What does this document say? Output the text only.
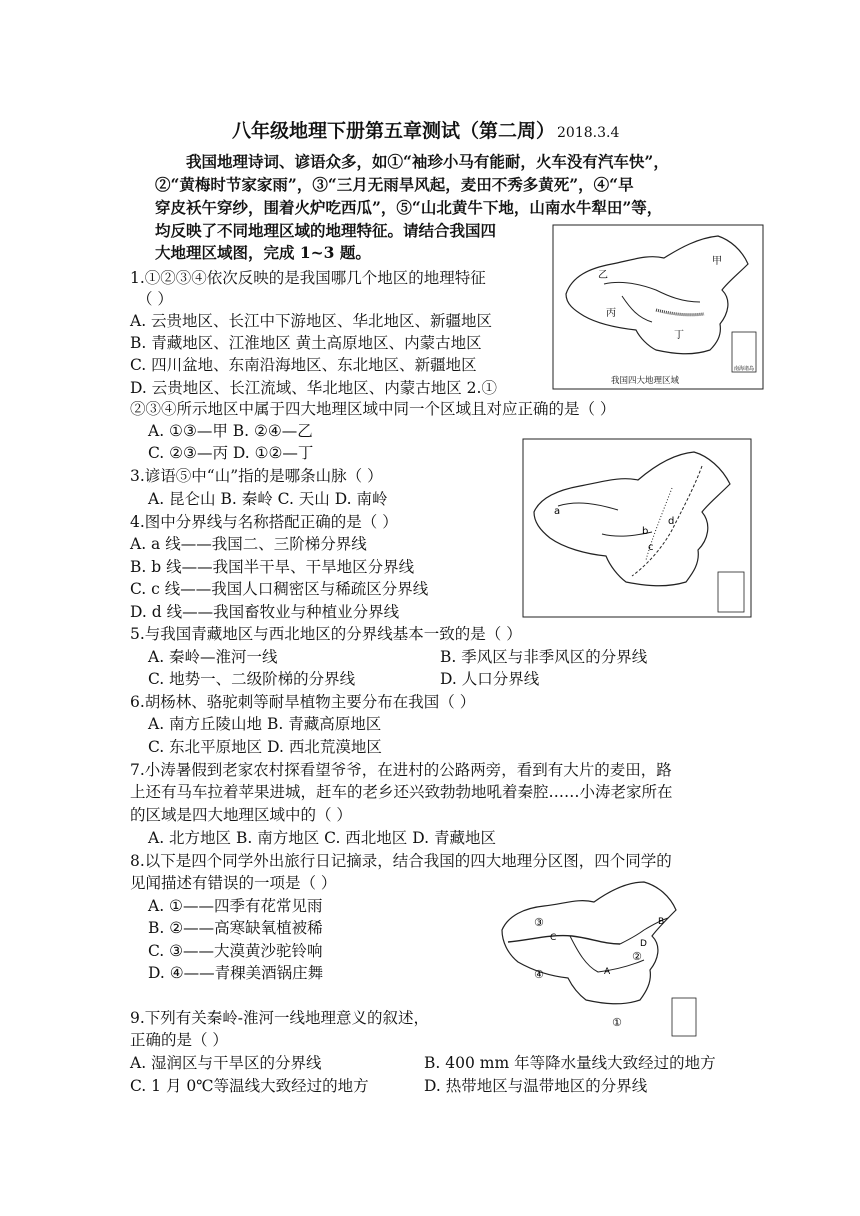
八年级地理下册第五章测试（第二周） 2018.3.4
我国地理诗词、谚语众多，如①“袖珍小马有能耐，火车没有汽车快”，
②“黄梅时节家家雨”，③“三月无雨旱风起，麦田不秀多黄死”，④“早
穿皮袄午穿纱，围着火炉吃西瓜”，⑤“山北黄牛下地，山南水牛犁田”等，
均反映了不同地理区域的地理特征。请结合我国四
大地理区域图，完成 1~3 题。	甲
乙
丙
丁
南海诸岛
我国四大地理区域
1.①②③④依次反映的是我国哪几个地区的地理特征
（ ）
A. 云贵地区、长江中下游地区、华北地区、新疆地区
B. 青藏地区、江淮地区 黄土高原地区、内蒙古地区
C. 四川盆地、东南沿海地区、东北地区、新疆地区
D. 云贵地区、长江流域、华北地区、内蒙古地区 2.①
②③④所示地区中属于四大地理区域中同一个区域且对应正确的是（ ）
A. ①③—甲 B. ②④—乙
C. ②③—丙 D. ①②—丁
a
b
c
d
3.谚语⑤中“山”指的是哪条山脉（ ）
A. 昆仑山 B. 秦岭 C. 天山 D. 南岭
4.图中分界线与名称搭配正确的是（ ）
A. a 线——我国二、三阶梯分界线
B. b 线——我国半干旱、干旱地区分界线
C. c 线——我国人口稠密区与稀疏区分界线
D. d 线——我国畜牧业与种植业分界线
5.与我国青藏地区与西北地区的分界线基本一致的是（ ）
A. 秦岭—淮河一线	B. 季风区与非季风区的分界线
C. 地势一、二级阶梯的分界线	D. 人口分界线
6.胡杨林、骆驼刺等耐旱植物主要分布在我国（ ）
A. 南方丘陵山地 B. 青藏高原地区
C. 东北平原地区 D. 西北荒漠地区
7.小涛暑假到老家农村探看望爷爷，在进村的公路两旁，看到有大片的麦田，路
上还有马车拉着苹果进城，赶车的老乡还兴致勃勃地吼着秦腔……小涛老家所在
的区域是四大地理区域中的（ ）
A. 北方地区 B. 南方地区 C. 西北地区 D. 青藏地区
8.以下是四个同学外出旅行日记摘录，结合我国的四大地理分区图，四个同学的
见闻描述有错误的一项是（ ）
A. ①——四季有花常见雨
B. ②——高寒缺氧植被稀
C. ③——大漠黄沙驼铃响
D. ④——青稞美酒锅庄舞
③
②
④
①
A
B
C
D
9.下列有关秦岭-淮河一线地理意义的叙述，
正确的是（ ）
A. 湿润区与干旱区的分界线	B. 400 mm 年等降水量线大致经过的地方
C. 1 月 0℃等温线大致经过的地方	D. 热带地区与温带地区的分界线
